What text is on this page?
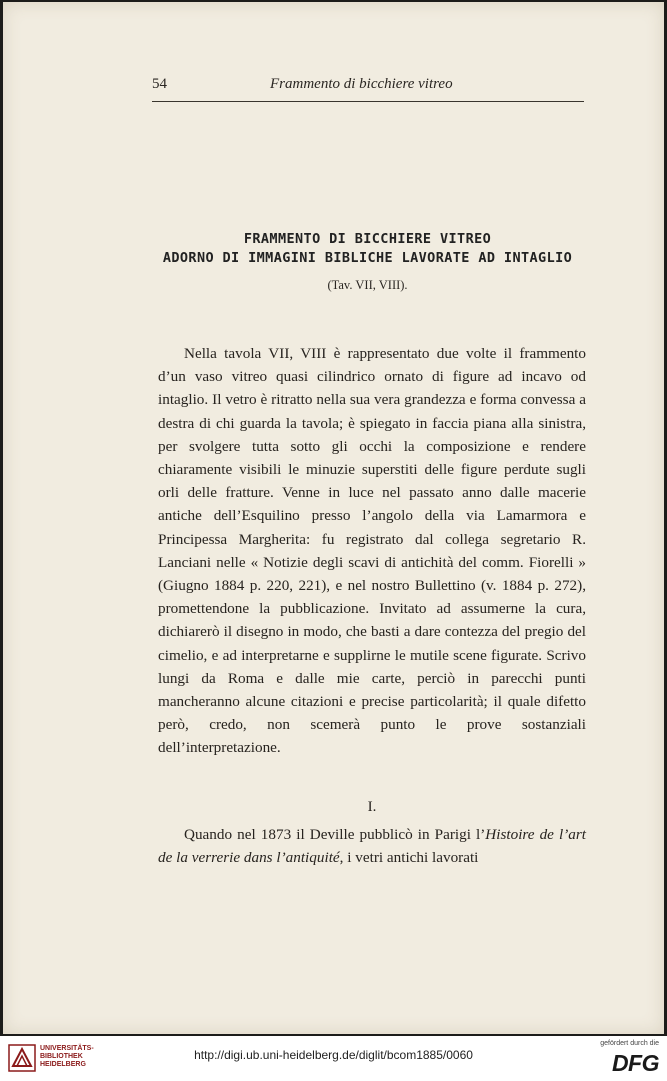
54	Frammento di bicchiere vitreo
FRAMMENTO DI BICCHIERE VITREO
ADORNO DI IMMAGINI BIBLICHE LAVORATE AD INTAGLIO
(Tav. VII, VIII).

Nella tavola VII, VIII è rappresentato due volte il frammento d’un vaso vitreo quasi cilindrico ornato di figure ad incavo od intaglio. Il vetro è ritratto nella sua vera grandezza e forma convessa a destra di chi guarda la tavola; è spiegato in faccia piana alla sinistra, per svolgere tutta sotto gli occhi la composizione e rendere chiaramente visibili le minuzie superstiti delle figure perdute sugli orli delle fratture. Venne in luce nel passato anno dalle macerie antiche dell’Esquilino presso l’angolo della via Lamarmora e Principessa Margherita: fu registrato dal collega segretario R. Lanciani nelle « Notizie degli scavi di antichità del comm. Fiorelli » (Giugno 1884 p. 220, 221), e nel nostro Bullettino (v. 1884 p. 272), promettendone la pubblicazione. Invitato ad assumerne la cura, dichiarerò il disegno in modo, che basti a dare contezza del pregio del cimelio, e ad interpretarne e supplirne le mutile scene figurate. Scrivo lungi da Roma e dalle mie carte, perciò in parecchi punti mancheranno alcune citazioni e precise particolarità; il quale difetto però, credo, non scemerà punto le prove sostanziali dell’interpretazione.

I.

Quando nel 1873 il Deville pubblicò in Parigi l’Histoire de l’art de la verrerie dans l’antiquité, i vetri antichi lavorati

UNIVERSITÄTS-
BIBLIOTHEK
HEIDELBERG
http://digi.ub.uni-heidelberg.de/diglit/bcom1885/0060
gefördert durch die
DFG
